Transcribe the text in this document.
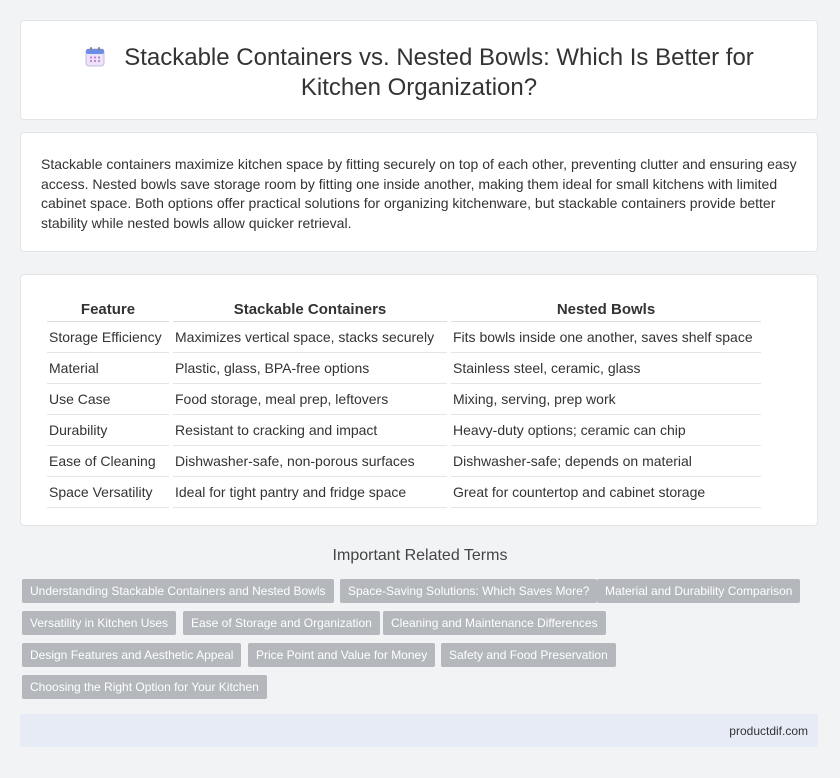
Stackable Containers vs. Nested Bowls: Which Is Better for Kitchen Organization?

Stackable containers maximize kitchen space by fitting securely on top of each other, preventing clutter and ensuring easy access. Nested bowls save storage room by fitting one inside another, making them ideal for small kitchens with limited cabinet space. Both options offer practical solutions for organizing kitchenware, but stackable containers provide better stability while nested bowls allow quicker retrieval.

Feature	Stackable Containers	Nested Bowls
Storage Efficiency	Maximizes vertical space, stacks securely	Fits bowls inside one another, saves shelf space
Material	Plastic, glass, BPA-free options	Stainless steel, ceramic, glass
Use Case	Food storage, meal prep, leftovers	Mixing, serving, prep work
Durability	Resistant to cracking and impact	Heavy-duty options; ceramic can chip
Ease of Cleaning	Dishwasher-safe, non-porous surfaces	Dishwasher-safe; depends on material
Space Versatility	Ideal for tight pantry and fridge space	Great for countertop and cabinet storage
Important Related Terms
Understanding Stackable Containers and Nested Bowls	Space-Saving Solutions: Which Saves More?	Material and Durability Comparison
Versatility in Kitchen Uses	Ease of Storage and Organization	Cleaning and Maintenance Differences
Design Features and Aesthetic Appeal	Price Point and Value for Money	Safety and Food Preservation
Choosing the Right Option for Your Kitchen
productdif.com
